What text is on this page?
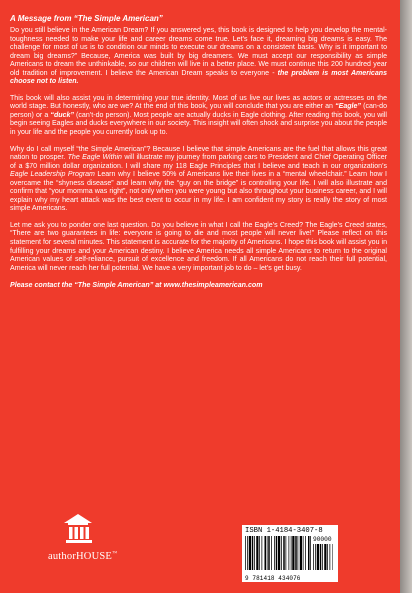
A Message from “The Simple American”

Do you still believe in the American Dream? If you answered yes, this book is designed to help you develop the mental-toughness needed to make your life and career dreams come true. Let’s face it, dreaming big dreams is easy. The challenge for most of us is to condition our minds to execute our dreams on a consistent basis. Why is it important to dream big dreams?” Because, America was built by big dreamers. We must accept our responsibility as simple Americans to dream the unthinkable, so our children will live in a better place. We must continue this 200 hundred year old tradition of improvement. I believe the American Dream speaks to everyone - the problem is most Americans choose not to listen.

This book will also assist you in determining your true identity. Most of us live our lives as actors or actresses on the world stage. But honestly, who are we? At the end of this book, you will conclude that you are either an “Eagle” (can-do person) or a “duck” (can’t-do person). Most people are actually ducks in Eagle clothing. After reading this book, you will begin seeing Eagles and ducks everywhere in our society. This insight will often shock and surprise you about the people in your life and the people you currently look up to.

Why do I call myself “the Simple American”? Because I believe that simple Americans are the fuel that allows this great nation to prosper. The Eagle Within will illustrate my journey from parking cars to President and Chief Operating Officer of a $70 million dollar organization. I will share my 118 Eagle Principles that I believe and teach in our organization’s Eagle Leadership Program Learn why I believe 50% of Americans live their lives in a “mental wheelchair.” Learn how I overcame the “shyness disease” and learn why the “guy on the bridge” is controlling your life. I will also illustrate and confirm that “your momma was right”, not only when you were young but also throughout your business career, and I will explain why my heart attack was the best event to occur in my life. I am confident my story is really the story of most simple Americans.

Let me ask you to ponder one last question. Do you believe in what I call the Eagle’s Creed? The Eagle’s Creed states, “There are two guarantees in life: everyone is going to die and most people will never live!” Please reflect on this statement for several minutes. This statement is accurate for the majority of Americans. I hope this book will assist you in fulfilling your dreams and your American destiny. I believe America needs all simple Americans to return to the original American values of self-reliance, pursuit of excellence and freedom. If all Americans do not reach their full potential, America will never reach her full potential. We have a very important job to do – let’s get busy.

Please contact the “The Simple American” at www.thesimpleamerican.com
authorHOUSE™
ISBN 1-4184-3407-8
90000
9 781418 434076
